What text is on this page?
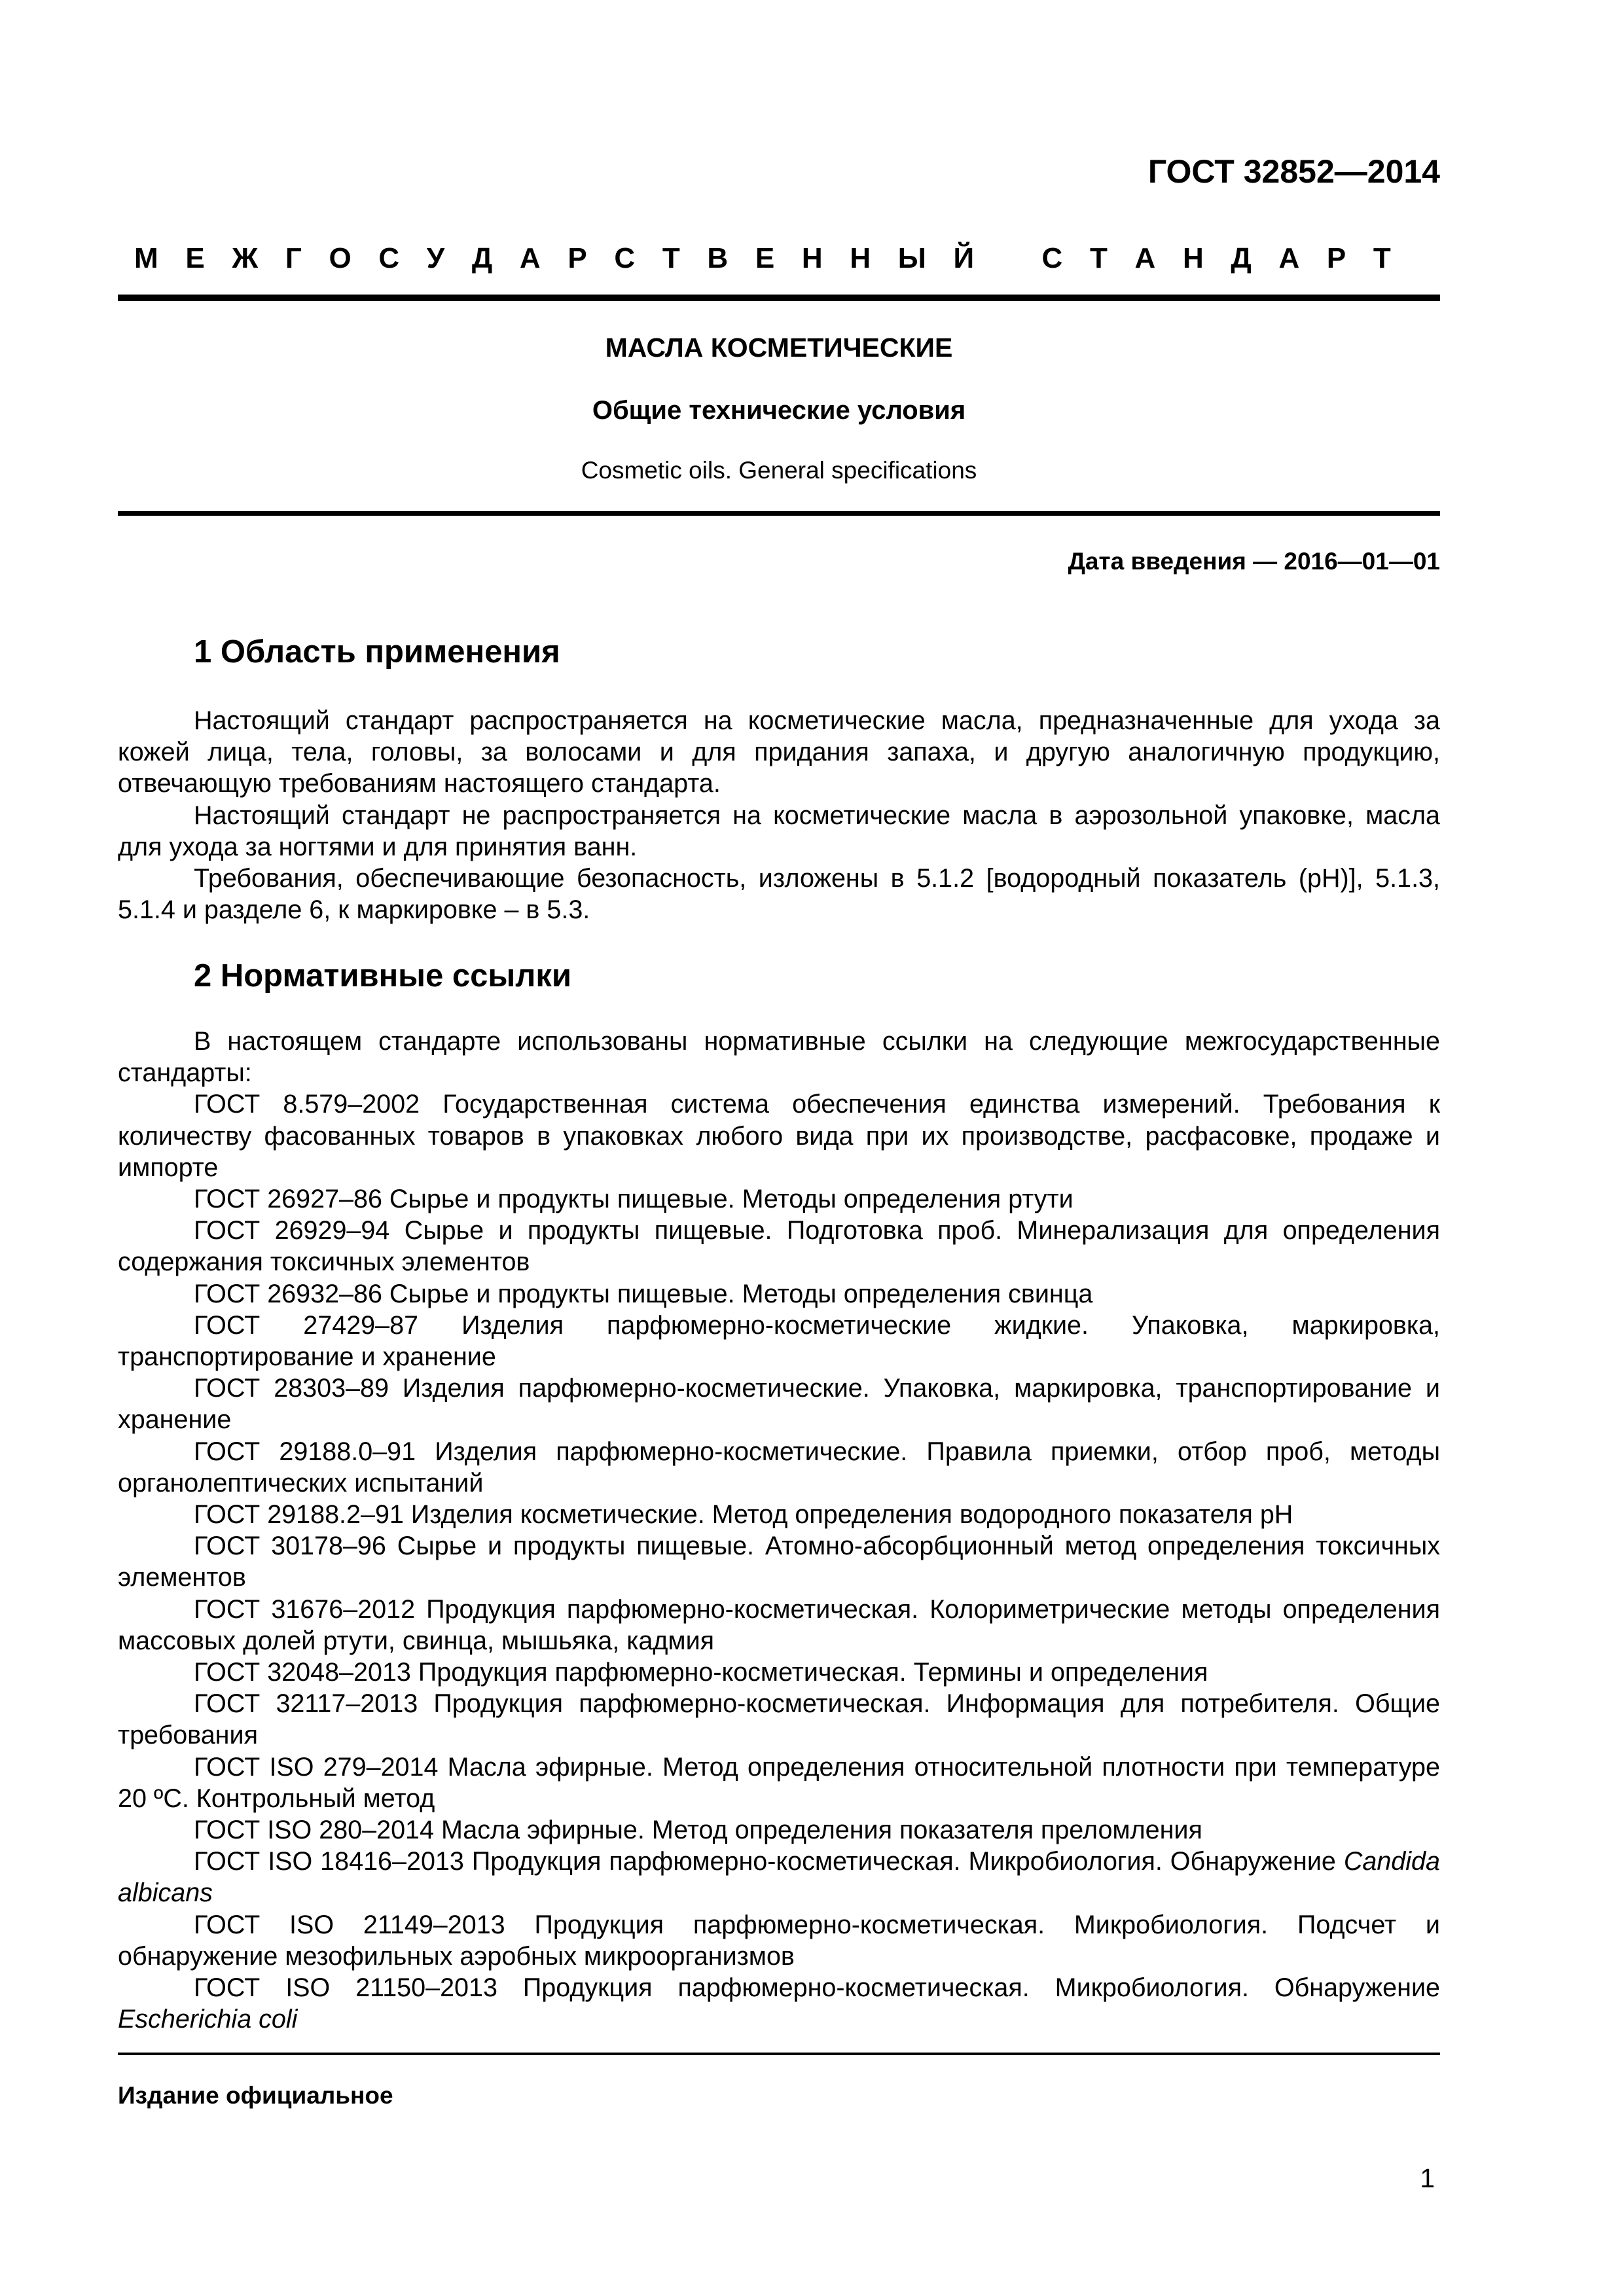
ГОСТ 32852—2014
М Е Ж Г О С У Д А Р С Т В Е Н Н Ы Й С Т А Н Д А Р Т
МАСЛА КОСМЕТИЧЕСКИЕ
Общие технические условия
Cosmetic oils. General specifications
Дата введения — 2016—01—01
1 Область применения

Настоящий стандарт распространяется на косметические масла, предназначенные для ухода за кожей лица, тела, головы, за волосами и для придания запаха, и другую аналогичную продукцию, отвечающую требованиям настоящего стандарта.

Настоящий стандарт не распространяется на косметические масла в аэрозольной упаковке, масла для ухода за ногтями и для принятия ванн.

Требования, обеспечивающие безопасность, изложены в 5.1.2 [водородный показатель (рН)], 5.1.3, 5.1.4 и разделе 6, к маркировке – в 5.3.

2 Нормативные ссылки

В настоящем стандарте использованы нормативные ссылки на следующие межгосударственные стандарты:

ГОСТ 8.579–2002 Государственная система обеспечения единства измерений. Требования к количеству фасованных товаров в упаковках любого вида при их производстве, расфасовке, продаже и импорте

ГОСТ 26927–86 Сырье и продукты пищевые. Методы определения ртути

ГОСТ 26929–94 Сырье и продукты пищевые. Подготовка проб. Минерализация для определения содержания токсичных элементов

ГОСТ 26932–86 Сырье и продукты пищевые. Методы определения свинца

ГОСТ 27429–87 Изделия парфюмерно-косметические жидкие. Упаковка, маркировка, транспортирование и хранение

ГОСТ 28303–89 Изделия парфюмерно-косметические. Упаковка, маркировка, транспортирование и хранение

ГОСТ 29188.0–91 Изделия парфюмерно-косметические. Правила приемки, отбор проб, методы органолептических испытаний

ГОСТ 29188.2–91 Изделия косметические. Метод определения водородного показателя рН

ГОСТ 30178–96 Сырье и продукты пищевые. Атомно-абсорбционный метод определения токсичных элементов

ГОСТ 31676–2012 Продукция парфюмерно-косметическая. Колориметрические методы определения массовых долей ртути, свинца, мышьяка, кадмия

ГОСТ 32048–2013 Продукция парфюмерно-косметическая. Термины и определения

ГОСТ 32117–2013 Продукция парфюмерно-косметическая. Информация для потребителя. Общие требования

ГОСТ ISO 279–2014 Масла эфирные. Метод определения относительной плотности при температуре 20 ºС. Контрольный метод

ГОСТ ISO 280–2014 Масла эфирные. Метод определения показателя преломления

ГОСТ ISO 18416–2013 Продукция парфюмерно-косметическая. Микробиология. Обнаружение Candida albicans

ГОСТ ISO 21149–2013 Продукция парфюмерно-косметическая. Микробиология. Подсчет и обнаружение мезофильных аэробных микроорганизмов

ГОСТ ISO 21150–2013 Продукция парфюмерно-косметическая. Микробиология. Обнаружение Escherichia coli

Издание официальное
1
